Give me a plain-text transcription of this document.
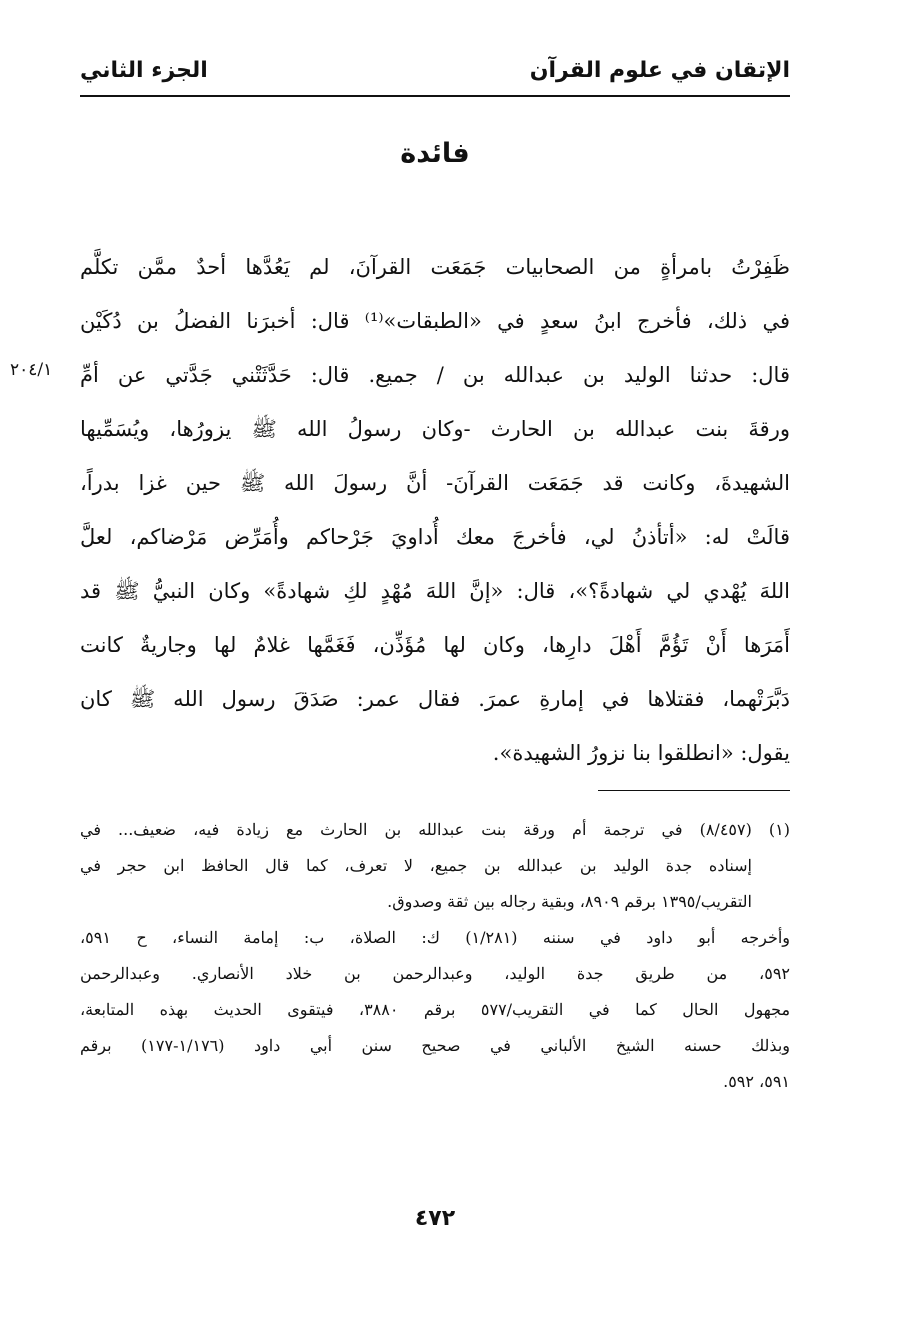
الإتقان في علوم القرآن
الجزء الثاني
فائدة
ظَفِرْتُ بامرأةٍ من الصحابيات جَمَعَت القرآنَ، لم يَعُدَّها أحدٌ ممَّن تكلَّم
في ذلك، فأخرج ابنُ سعدٍ في «الطبقات»⁽¹⁾ قال: أخبرَنا الفضلُ بن دُكَيْن
قال: حدثنا الوليد بن عبدالله بن / جميع. قال: حَدَّثَتْني جَدَّتي عن أمِّ
ورقةَ بنت عبدالله بن الحارث -وكان رسولُ الله ﷺ يزورُها، ويُسَمِّيها
الشهيدةَ، وكانت قد جَمَعَت القرآنَ- أنَّ رسولَ الله ﷺ حين غزا بدراً،
قالَتْ له: «أتأذنُ لي، فأخرجَ معك أُداويَ جَرْحاكم وأُمَرِّض مَرْضاكم، لعلَّ
اللهَ يُهْدي لي شهادةً؟»، قال: «إنَّ اللهَ مُهْدٍ لكِ شهادةً» وكان النبيُّ ﷺ قد
أَمَرَها أَنْ تَؤُمَّ أَهْلَ دارِها، وكان لها مُؤَذِّن، فَغَمَّها غلامٌ لها وجاريةٌ كانت
دَبَّرَتْهما، فقتلاها في إمارةِ عمرَ. فقال عمر: صَدَقَ رسول الله ﷺ كان
يقول: «انطلقوا بنا نزورُ الشهيدة».
٢٠٤/١
(١) (٨/٤٥٧) في ترجمة أم ورقة بنت عبدالله بن الحارث مع زيادة فيه، ضعيف... في
إسناده جدة الوليد بن عبدالله بن جميع، لا تعرف، كما قال الحافظ ابن حجر في
التقريب/١٣٩٥ برقم ٨٩٠٩، وبقية رجاله بين ثقة وصدوق.
وأخرجه أبو داود في سننه (١/٢٨١) ك: الصلاة، ب: إمامة النساء، ح ٥٩١،
٥٩٢، من طريق جدة الوليد، وعبدالرحمن بن خلاد الأنصاري. وعبدالرحمن
مجهول الحال كما في التقريب/٥٧٧ برقم ٣٨٨٠، فيتقوى الحديث بهذه المتابعة،
وبذلك حسنه الشيخ الألباني في صحيح سنن أبي داود (١/١٧٦-١٧٧) برقم
٥٩١، ٥٩٢.
٤٧٢
